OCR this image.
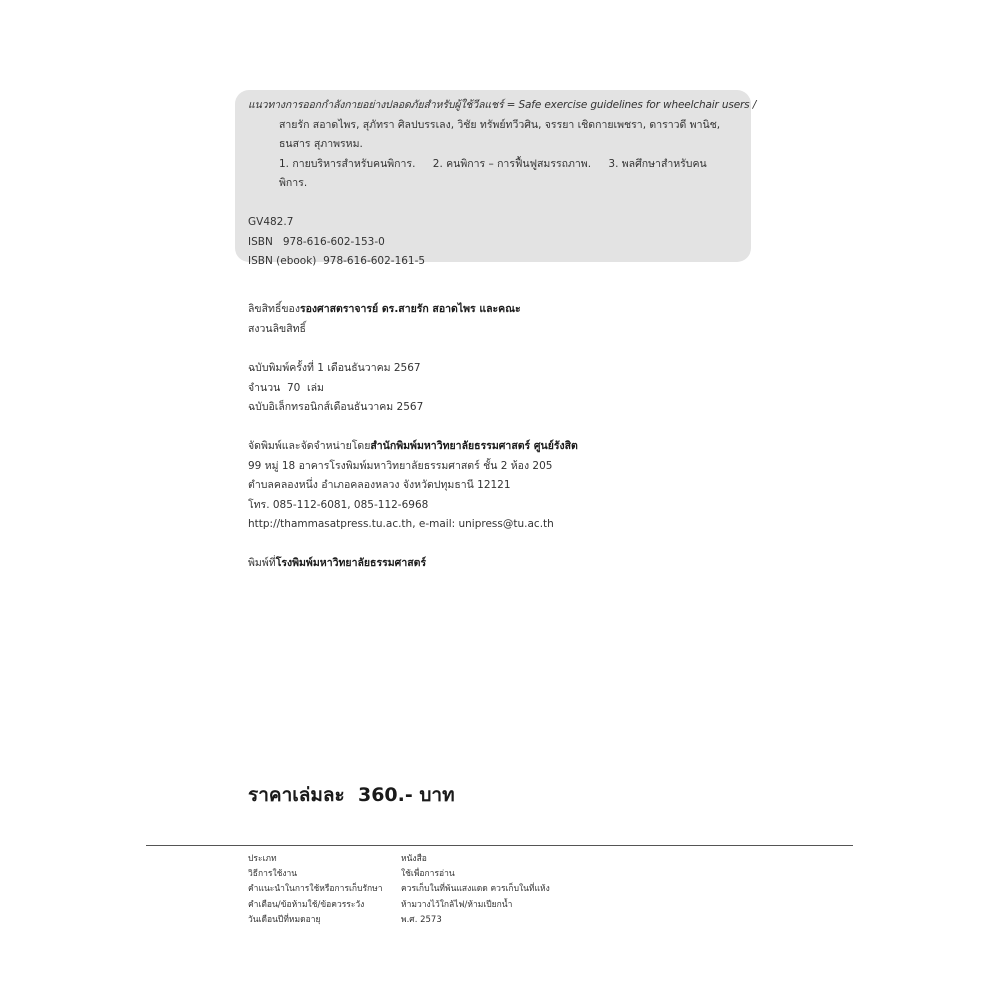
แนวทางการออกกำลังกายอย่างปลอดภัยสำหรับผู้ใช้วีลแชร์ = Safe exercise guidelines for wheelchair users /
สายรัก สอาดไพร, สุภัทรา ศิลปบรรเลง, วิชัย ทรัพย์ทวีวศิน, จรรยา เชิดกายเพชรา, ดาราวดี พานิช,
ธนสาร สุภาพรหม.
1. กายบริหารสำหรับคนพิการ. 2. คนพิการ – การฟื้นฟูสมรรถภาพ. 3. พลศึกษาสำหรับคนพิการ.
GV482.7
ISBN   978-616-602-153-0
ISBN (ebook)  978-616-602-161-5
ลิขสิทธิ์ของรองศาสตราจารย์ ดร.สายรัก สอาดไพร และคณะ
สงวนลิขสิทธิ์
ฉบับพิมพ์ครั้งที่ 1 เดือนธันวาคม 2567
จำนวน  70  เล่ม
ฉบับอิเล็กทรอนิกส์เดือนธันวาคม 2567
จัดพิมพ์และจัดจำหน่ายโดยสำนักพิมพ์มหาวิทยาลัยธรรมศาสตร์ ศูนย์รังสิต
99 หมู่ 18 อาคารโรงพิมพ์มหาวิทยาลัยธรรมศาสตร์ ชั้น 2 ห้อง 205
ตำบลคลองหนึ่ง อำเภอคลองหลวง จังหวัดปทุมธานี 12121
โทร. 085-112-6081, 085-112-6968
http://thammasatpress.tu.ac.th, e-mail: unipress@tu.ac.th
พิมพ์ที่โรงพิมพ์มหาวิทยาลัยธรรมศาสตร์
ราคาเล่มละ  360.- บาท
ประเภท
วิธีการใช้งาน
คำแนะนำในการใช้หรือการเก็บรักษา
คำเตือน/ข้อห้ามใช้/ข้อควรระวัง
วันเดือนปีที่หมดอายุ
หนังสือ
ใช้เพื่อการอ่าน
ควรเก็บในที่พ้นแสงแดด ควรเก็บในที่แห้ง
ห้ามวางไว้ใกล้ไฟ/ห้ามเปียกน้ำ
พ.ศ. 2573
